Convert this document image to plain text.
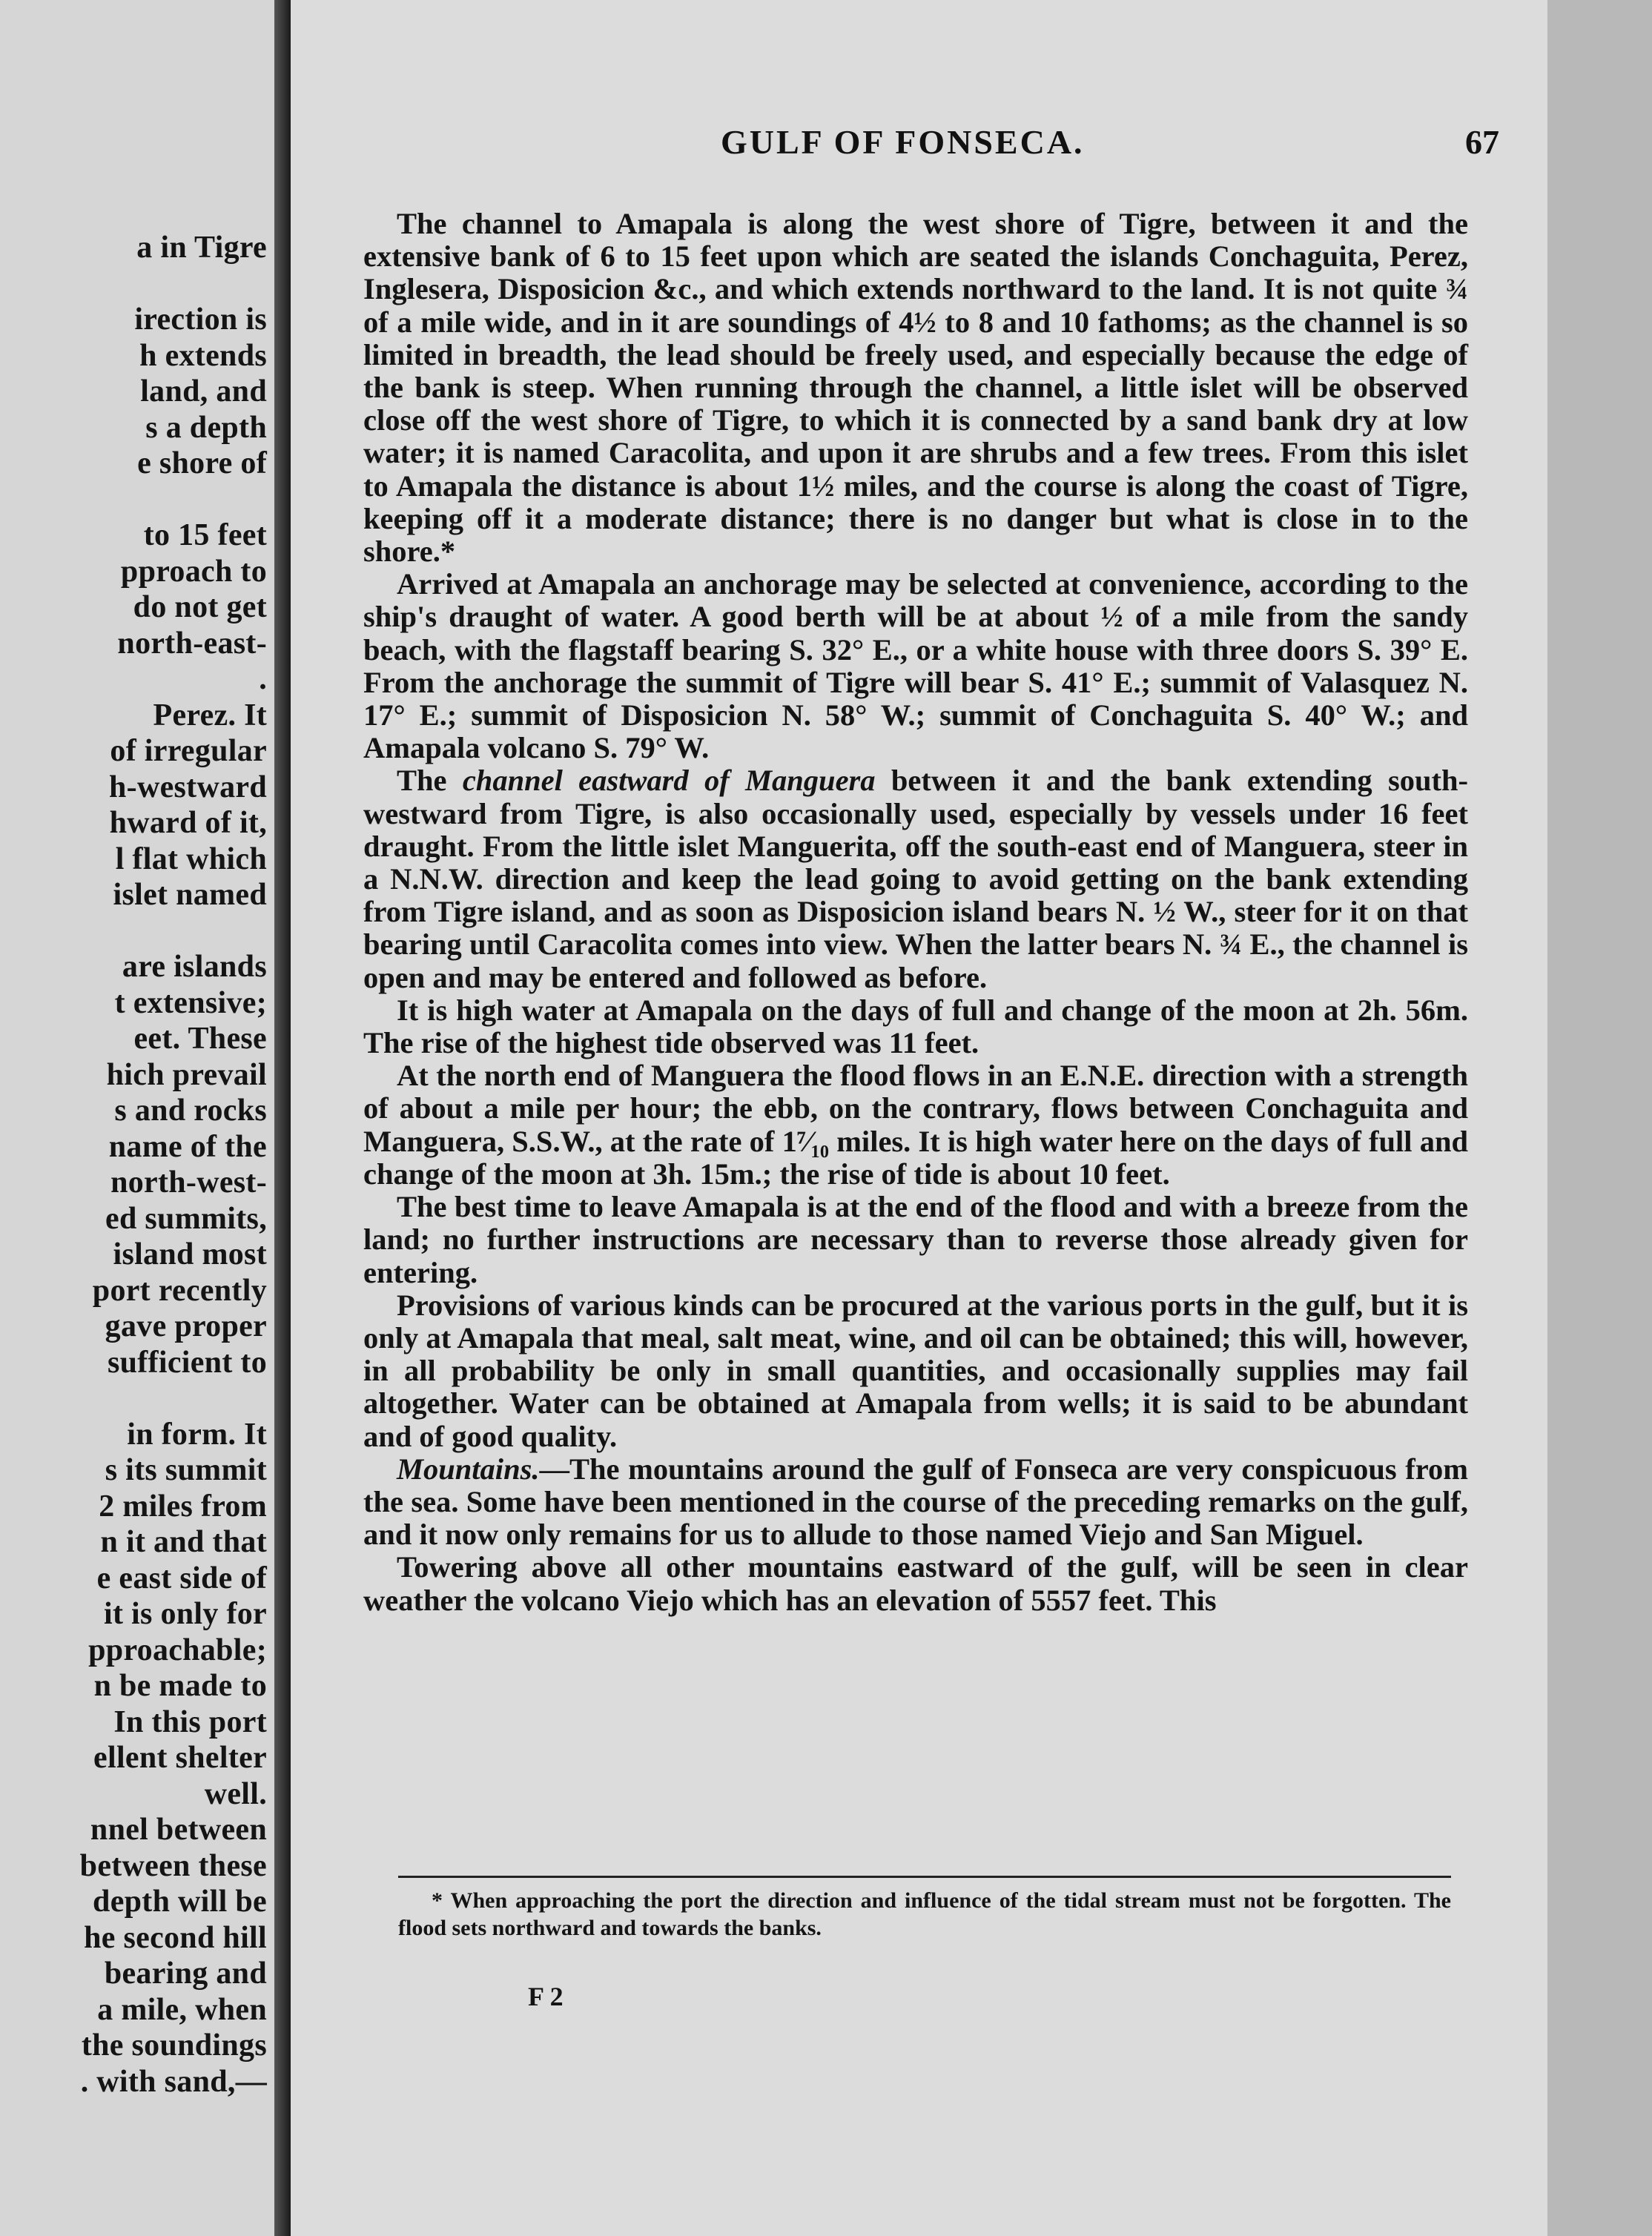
a in Tigre
irection is
h extends
land, and
s a depth
e shore of
to 15 feet
pproach to
do not get
north-east-
.
Perez. It
of irregular
h-westward
hward of it,
l flat which
islet named
are islands
t extensive;
eet. These
hich prevail
s and rocks
name of the
north-west-
ed summits,
island most
port recently
gave proper
sufficient to
in form. It
s its summit
2 miles from
n it and that
e east side of
it is only for
pproachable;
n be made to
In this port
ellent shelter
well.
nnel between
between these
depth will be
he second hill
bearing and
a mile, when
the soundings
. with sand,—
GULF OF FONSECA.	67

The channel to Amapala is along the west shore of Tigre, between it and the extensive bank of 6 to 15 feet upon which are seated the islands Conchaguita, Perez, Inglesera, Disposicion &c., and which extends northward to the land. It is not quite ¾ of a mile wide, and in it are soundings of 4½ to 8 and 10 fathoms; as the channel is so limited in breadth, the lead should be freely used, and especially because the edge of the bank is steep. When running through the channel, a little islet will be observed close off the west shore of Tigre, to which it is connected by a sand bank dry at low water; it is named Caracolita, and upon it are shrubs and a few trees. From this islet to Amapala the distance is about 1½ miles, and the course is along the coast of Tigre, keeping off it a moderate distance; there is no danger but what is close in to the shore.*

Arrived at Amapala an anchorage may be selected at convenience, according to the ship's draught of water. A good berth will be at about ½ of a mile from the sandy beach, with the flagstaff bearing S. 32° E., or a white house with three doors S. 39° E. From the anchorage the summit of Tigre will bear S. 41° E.; summit of Valasquez N. 17° E.; summit of Disposicion N. 58° W.; summit of Conchaguita S. 40° W.; and Amapala volcano S. 79° W.

The channel eastward of Manguera between it and the bank extending south-westward from Tigre, is also occasionally used, especially by vessels under 16 feet draught. From the little islet Manguerita, off the south-east end of Manguera, steer in a N.N.W. direction and keep the lead going to avoid getting on the bank extending from Tigre island, and as soon as Disposicion island bears N. ½ W., steer for it on that bearing until Caracolita comes into view. When the latter bears N. ¾ E., the channel is open and may be entered and followed as before.

It is high water at Amapala on the days of full and change of the moon at 2h. 56m. The rise of the highest tide observed was 11 feet.

At the north end of Manguera the flood flows in an E.N.E. direction with a strength of about a mile per hour; the ebb, on the contrary, flows between Conchaguita and Manguera, S.S.W., at the rate of 1⁷⁄₁₀ miles. It is high water here on the days of full and change of the moon at 3h. 15m.; the rise of tide is about 10 feet.

The best time to leave Amapala is at the end of the flood and with a breeze from the land; no further instructions are necessary than to reverse those already given for entering.

Provisions of various kinds can be procured at the various ports in the gulf, but it is only at Amapala that meal, salt meat, wine, and oil can be obtained; this will, however, in all probability be only in small quantities, and occasionally supplies may fail altogether. Water can be obtained at Amapala from wells; it is said to be abundant and of good quality.

Mountains.—The mountains around the gulf of Fonseca are very conspicuous from the sea. Some have been mentioned in the course of the preceding remarks on the gulf, and it now only remains for us to allude to those named Viejo and San Miguel.

Towering above all other mountains eastward of the gulf, will be seen in clear weather the volcano Viejo which has an elevation of 5557 feet. This

* When approaching the port the direction and influence of the tidal stream must not be forgotten. The flood sets northward and towards the banks.

F 2
